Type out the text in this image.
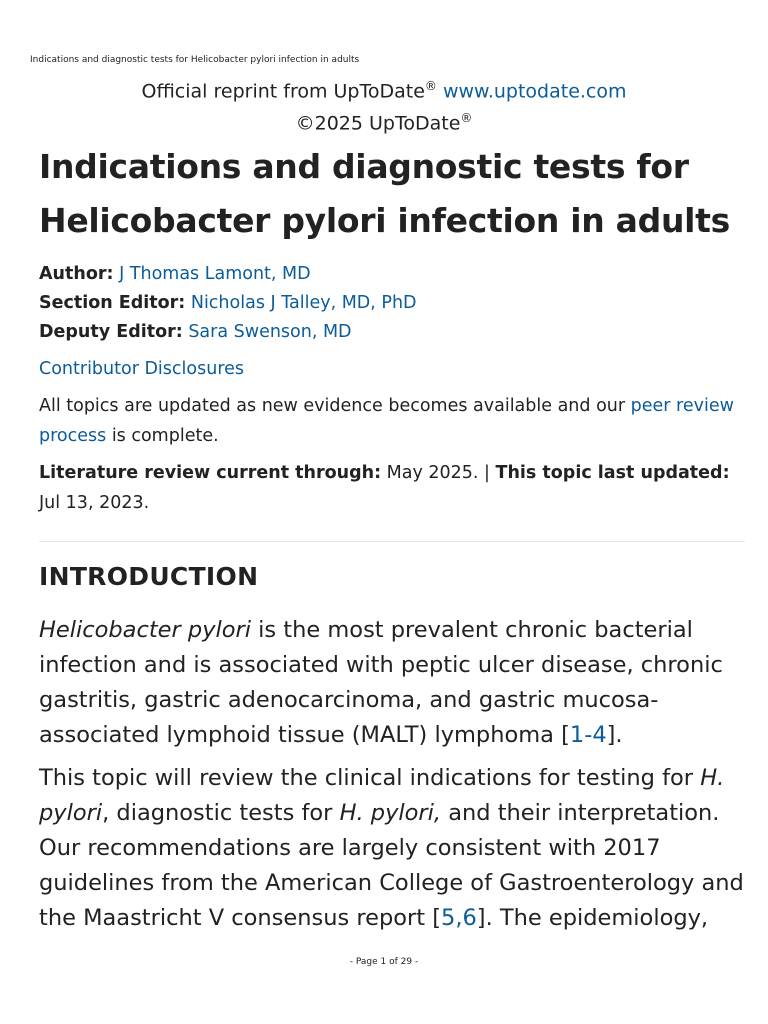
Indications and diagnostic tests for Helicobacter pylori infection in adults
Official reprint from UpToDate® www.uptodate.com
©2025 UpToDate®
Indications and diagnostic tests for Helicobacter pylori infection in adults
Author: J Thomas Lamont, MD
Section Editor: Nicholas J Talley, MD, PhD
Deputy Editor: Sara Swenson, MD
Contributor Disclosures
All topics are updated as new evidence becomes available and our peer review process is complete.
Literature review current through: May 2025. | This topic last updated: Jul 13, 2023.
INTRODUCTION

Helicobacter pylori is the most prevalent chronic bacterial infection and is associated with peptic ulcer disease, chronic gastritis, gastric adenocarcinoma, and gastric mucosa-associated lymphoid tissue (MALT) lymphoma [1-4].

This topic will review the clinical indications for testing for H. pylori, diagnostic tests for H. pylori, and their interpretation. Our recommendations are largely consistent with 2017 guidelines from the American College of Gastroenterology and the Maastricht V consensus report [5,6]. The epidemiology,

- Page 1 of 29 -
